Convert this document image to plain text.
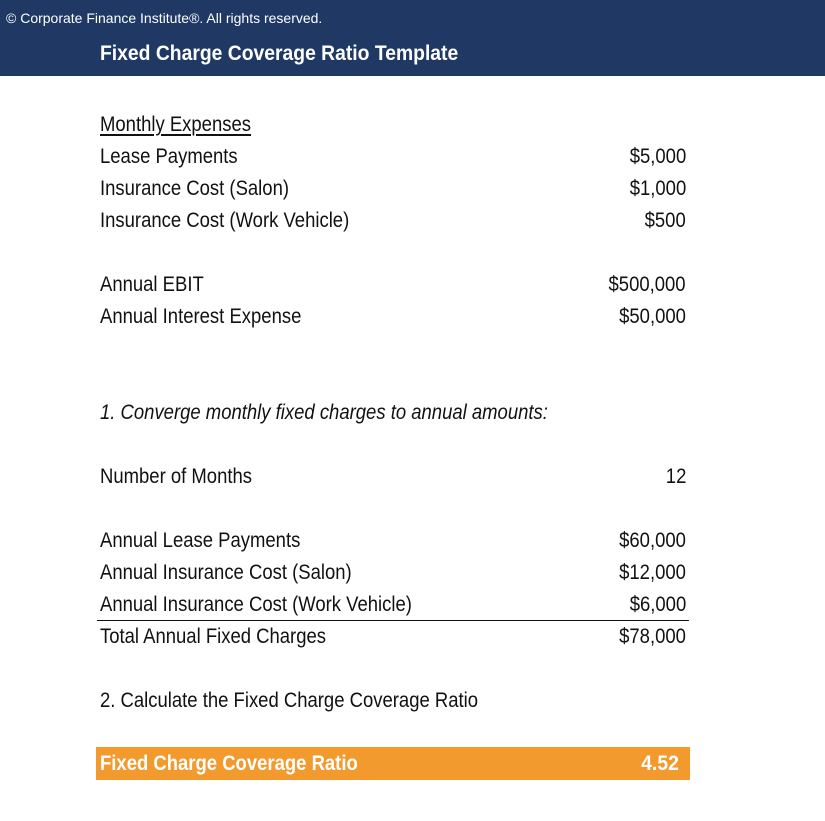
© Corporate Finance Institute®. All rights reserved.
Fixed Charge Coverage Ratio Template
Monthly Expenses
Lease Payments	$5,000
Insurance Cost (Salon)	$1,000
Insurance Cost (Work Vehicle)	$500
Annual EBIT	$500,000
Annual Interest Expense	$50,000
1. Converge monthly fixed charges to annual amounts:
Number of Months	12
Annual Lease Payments	$60,000
Annual Insurance Cost (Salon)	$12,000
Annual Insurance Cost (Work Vehicle)	$6,000
Total Annual Fixed Charges	$78,000
2. Calculate the Fixed Charge Coverage Ratio
Fixed Charge Coverage Ratio	4.52
